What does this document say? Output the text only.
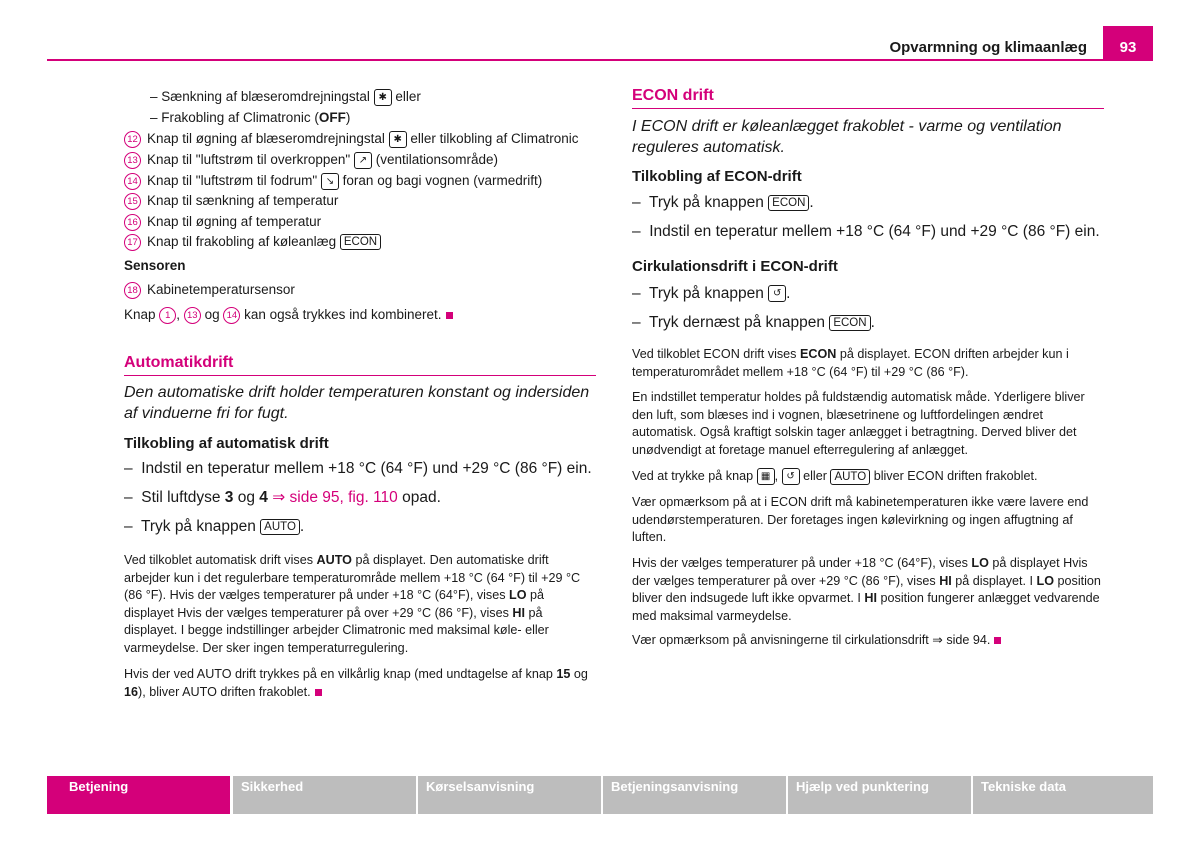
Opvarmning og klimaanlæg	93
– Sænkning af blæseromdrejningstal ✱ eller
– Frakobling af Climatronic (OFF)
12 Knap til øgning af blæseromdrejningstal ✱ eller tilkobling af Climatronic
13 Knap til "luftstrøm til overkroppen" ↗ (ventilationsområde)
14 Knap til "luftstrøm til fodrum" ↘ foran og bagi vognen (varmedrift)
15 Knap til sænkning af temperatur
16 Knap til øgning af temperatur
17 Knap til frakobling af køleanlæg ECON
Sensoren
18 Kabinetemperatursensor
Knap 1 , 13 og 14 kan også trykkes ind kombineret.
Automatikdrift
Den automatiske drift holder temperaturen konstant og indersiden af vinduerne fri for fugt.
Tilkobling af automatisk drift
–  Indstil en teperatur mellem +18 °C (64 °F) und +29 °C (86 °F) ein.
–  Stil luftdyse 3 og 4 ⇒ side 95, fig. 110 opad.
–  Tryk på knappen AUTO .
Ved tilkoblet automatisk drift vises AUTO på displayet. Den automatiske drift arbejder kun i det regulerbare temperaturområde mellem +18 °C (64 °F) til +29 °C (86 °F). Hvis der vælges temperaturer på under +18 °C (64°F), vises LO på displayet Hvis der vælges temperaturer på over +29 °C (86 °F), vises HI på displayet. I begge indstillinger arbejder Climatronic med maksimal køle- eller varmeydelse. Der sker ingen temperaturregulering.
Hvis der ved AUTO drift trykkes på en vilkårlig knap (med undtagelse af knap 15 og 16), bliver AUTO driften frakoblet.
ECON drift
I ECON drift er køleanlægget frakoblet - varme og ventilation reguleres automatisk.
Tilkobling af ECON-drift
–  Tryk på knappen ECON .
–  Indstil en teperatur mellem +18 °C (64 °F) und +29 °C (86 °F) ein.
Cirkulationsdrift i ECON-drift
–  Tryk på knappen ↺ .
–  Tryk dernæst på knappen ECON .
Ved tilkoblet ECON drift vises ECON på displayet. ECON driften arbejder kun i temperaturområdet mellem +18 °C (64 °F) til +29 °C (86 °F).
En indstillet temperatur holdes på fuldstændig automatisk måde. Yderligere bliver den luft, som blæses ind i vognen, blæsetrinene og luftfordelingen ændret automatisk. Også kraftigt solskin tager anlægget i betragtning. Derved bliver det unødvendigt at foretage manuel efterregulering af anlægget.
Ved at trykke på knap ▦ , ↺ eller AUTO bliver ECON driften frakoblet.
Vær opmærksom på at i ECON drift må kabinetemperaturen ikke være lavere end udendørstemperaturen. Der foretages ingen kølevirkning og ingen affugtning af luften.
Hvis der vælges temperaturer på under +18 °C (64°F), vises LO på displayet Hvis der vælges temperaturer på over +29 °C (86 °F), vises HI på displayet. I LO position bliver den indsugede luft ikke opvarmet. I HI position fungerer anlægget vedvarende med maksimal varmeydelse.
Vær opmærksom på anvisningerne til cirkulationsdrift ⇒ side 94.
Betjening	Sikkerhed	Kørselsanvisning	Betjeningsanvisning	Hjælp ved punktering	Tekniske data
